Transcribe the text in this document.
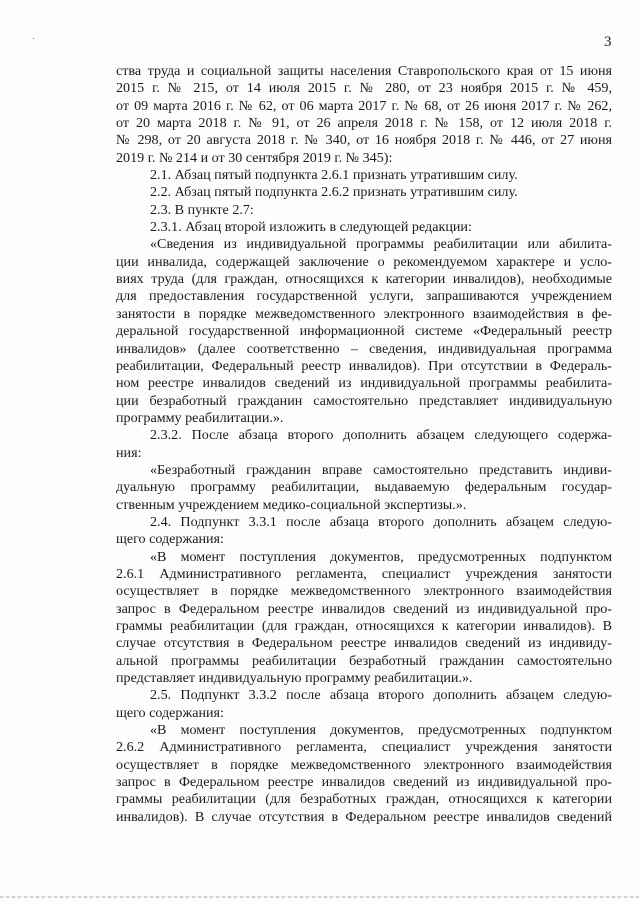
3
ства труда и социальной защиты населения Ставропольского края от 15 июня
2015 г. № 215, от 14 июля 2015 г. № 280, от 23 ноября 2015 г. № 459,
от 09 марта 2016 г. № 62, от 06 марта 2017 г. № 68, от 26 июня 2017 г. № 262,
от 20 марта 2018 г. № 91, от 26 апреля 2018 г. № 158, от 12 июля 2018 г.
№ 298, от 20 августа 2018 г. № 340, от 16 ноября 2018 г. № 446, от 27 июня
2019 г. № 214 и от 30 сентября 2019 г. № 345):
2.1. Абзац пятый подпункта 2.6.1 признать утратившим силу.
2.2. Абзац пятый подпункта 2.6.2 признать утратившим силу.
2.3. В пункте 2.7:
2.3.1. Абзац второй изложить в следующей редакции:
«Сведения из индивидуальной программы реабилитации или абилита-
ции инвалида, содержащей заключение о рекомендуемом характере и усло-
виях труда (для граждан, относящихся к категории инвалидов), необходимые
для предоставления государственной услуги, запрашиваются учреждением
занятости в порядке межведомственного электронного взаимодействия в фе-
деральной государственной информационной системе «Федеральный реестр
инвалидов» (далее соответственно – сведения, индивидуальная программа
реабилитации, Федеральный реестр инвалидов). При отсутствии в Федераль-
ном реестре инвалидов сведений из индивидуальной программы реабилита-
ции безработный гражданин самостоятельно представляет индивидуальную
программу реабилитации.».
2.3.2. После абзаца второго дополнить абзацем следующего содержа-
ния:
«Безработный гражданин вправе самостоятельно представить индиви-
дуальную программу реабилитации, выдаваемую федеральным государ-
ственным учреждением медико-социальной экспертизы.».
2.4. Подпункт 3.3.1 после абзаца второго дополнить абзацем следую-
щего содержания:
«В момент поступления документов, предусмотренных подпунктом
2.6.1 Административного регламента, специалист учреждения занятости
осуществляет в порядке межведомственного электронного взаимодействия
запрос в Федеральном реестре инвалидов сведений из индивидуальной про-
граммы реабилитации (для граждан, относящихся к категории инвалидов). В
случае отсутствия в Федеральном реестре инвалидов сведений из индивиду-
альной программы реабилитации безработный гражданин самостоятельно
представляет индивидуальную программу реабилитации.».
2.5. Подпункт 3.3.2 после абзаца второго дополнить абзацем следую-
щего содержания:
«В момент поступления документов, предусмотренных подпунктом
2.6.2 Административного регламента, специалист учреждения занятости
осуществляет в порядке межведомственного электронного взаимодействия
запрос в Федеральном реестре инвалидов сведений из индивидуальной про-
граммы реабилитации (для безработных граждан, относящихся к категории
инвалидов). В случае отсутствия в Федеральном реестре инвалидов сведений
